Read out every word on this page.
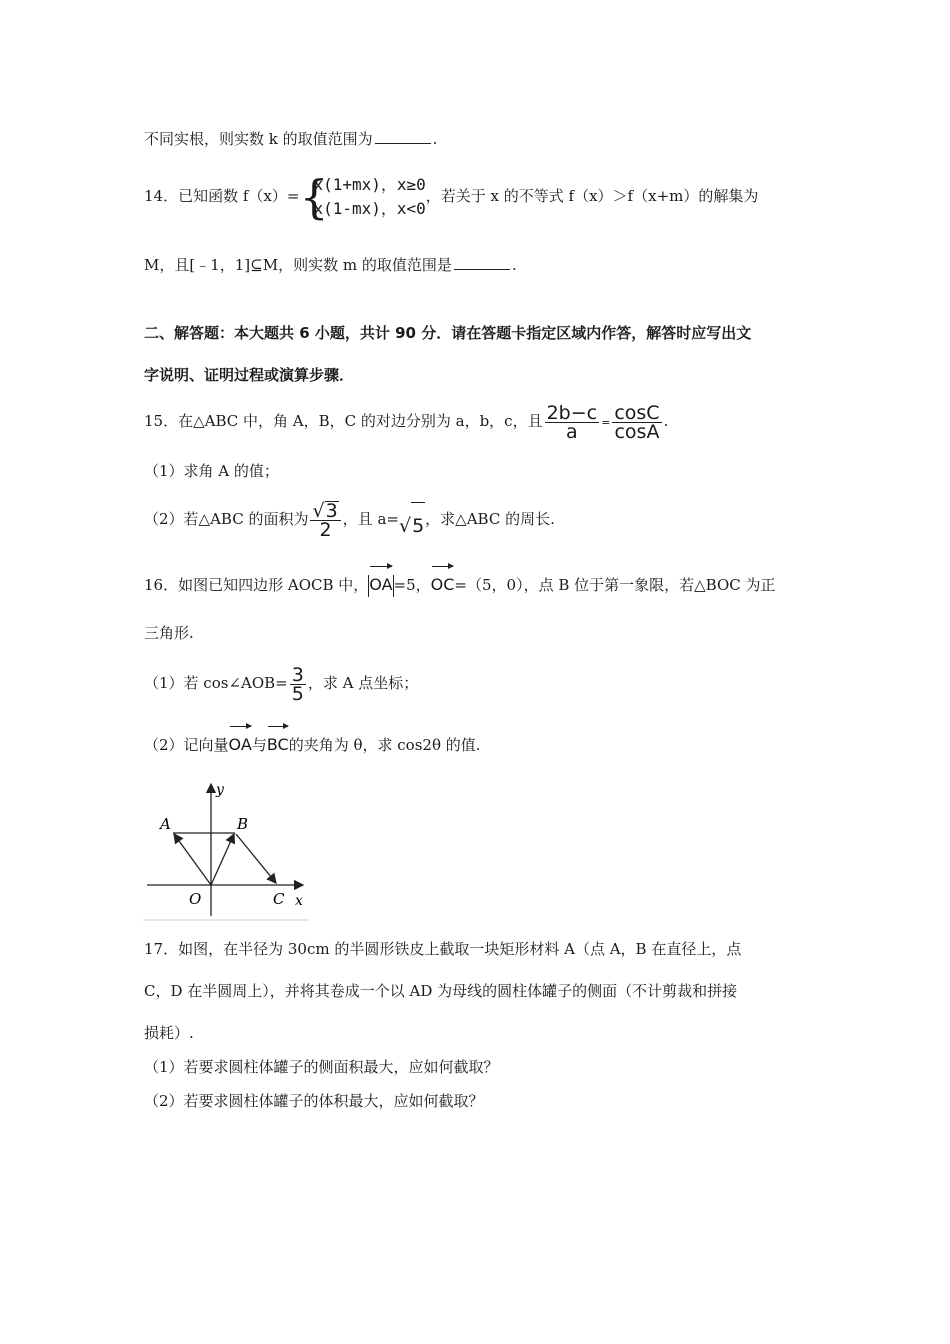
不同实根，则实数 k 的取值范围为	.
14．已知函数 f（x）= {
x(1+mx)，x≥0
x(1-mx)，x<0
，若关于 x 的不等式 f（x）＞f（x+m）的解集为
M，且[﹣1，1]⊆M，则实数 m 的取值范围是	.
二、解答题：本大题共 6 小题，共计 90 分．请在答题卡指定区域内作答，解答时应写出文
字说明、证明过程或演算步骤．
15．在△ABC 中，角 A，B，C 的对边分别为 a，b，c，且 $\frac{2b-c}{a} = \frac{\cos C}{\cos A}$ .
（1）求角 A 的值；
（2）若△ABC 的面积为 $\frac{√3}{2}$ ，且 a=√5，求△ABC 的周长.
16．如图已知四边形 AOCB 中，OA=5，OC=（5，0），点 B 位于第一象限，若△BOC 为正
三角形.
（1）若 cos∠AOB= $\frac{3}{5}$ ，求 A 点坐标；
（2）记向量OA与BC的夹角为 θ，求 cos2θ 的值.
y
A	B
O	C x
17．如图，在半径为 30cm 的半圆形铁皮上截取一块矩形材料 A（点 A，B 在直径上，点
C，D 在半圆周上），并将其卷成一个以 AD 为母线的圆柱体罐子的侧面（不计剪裁和拼接
损耗）.
（1）若要求圆柱体罐子的侧面积最大，应如何截取？
（2）若要求圆柱体罐子的体积最大，应如何截取？
